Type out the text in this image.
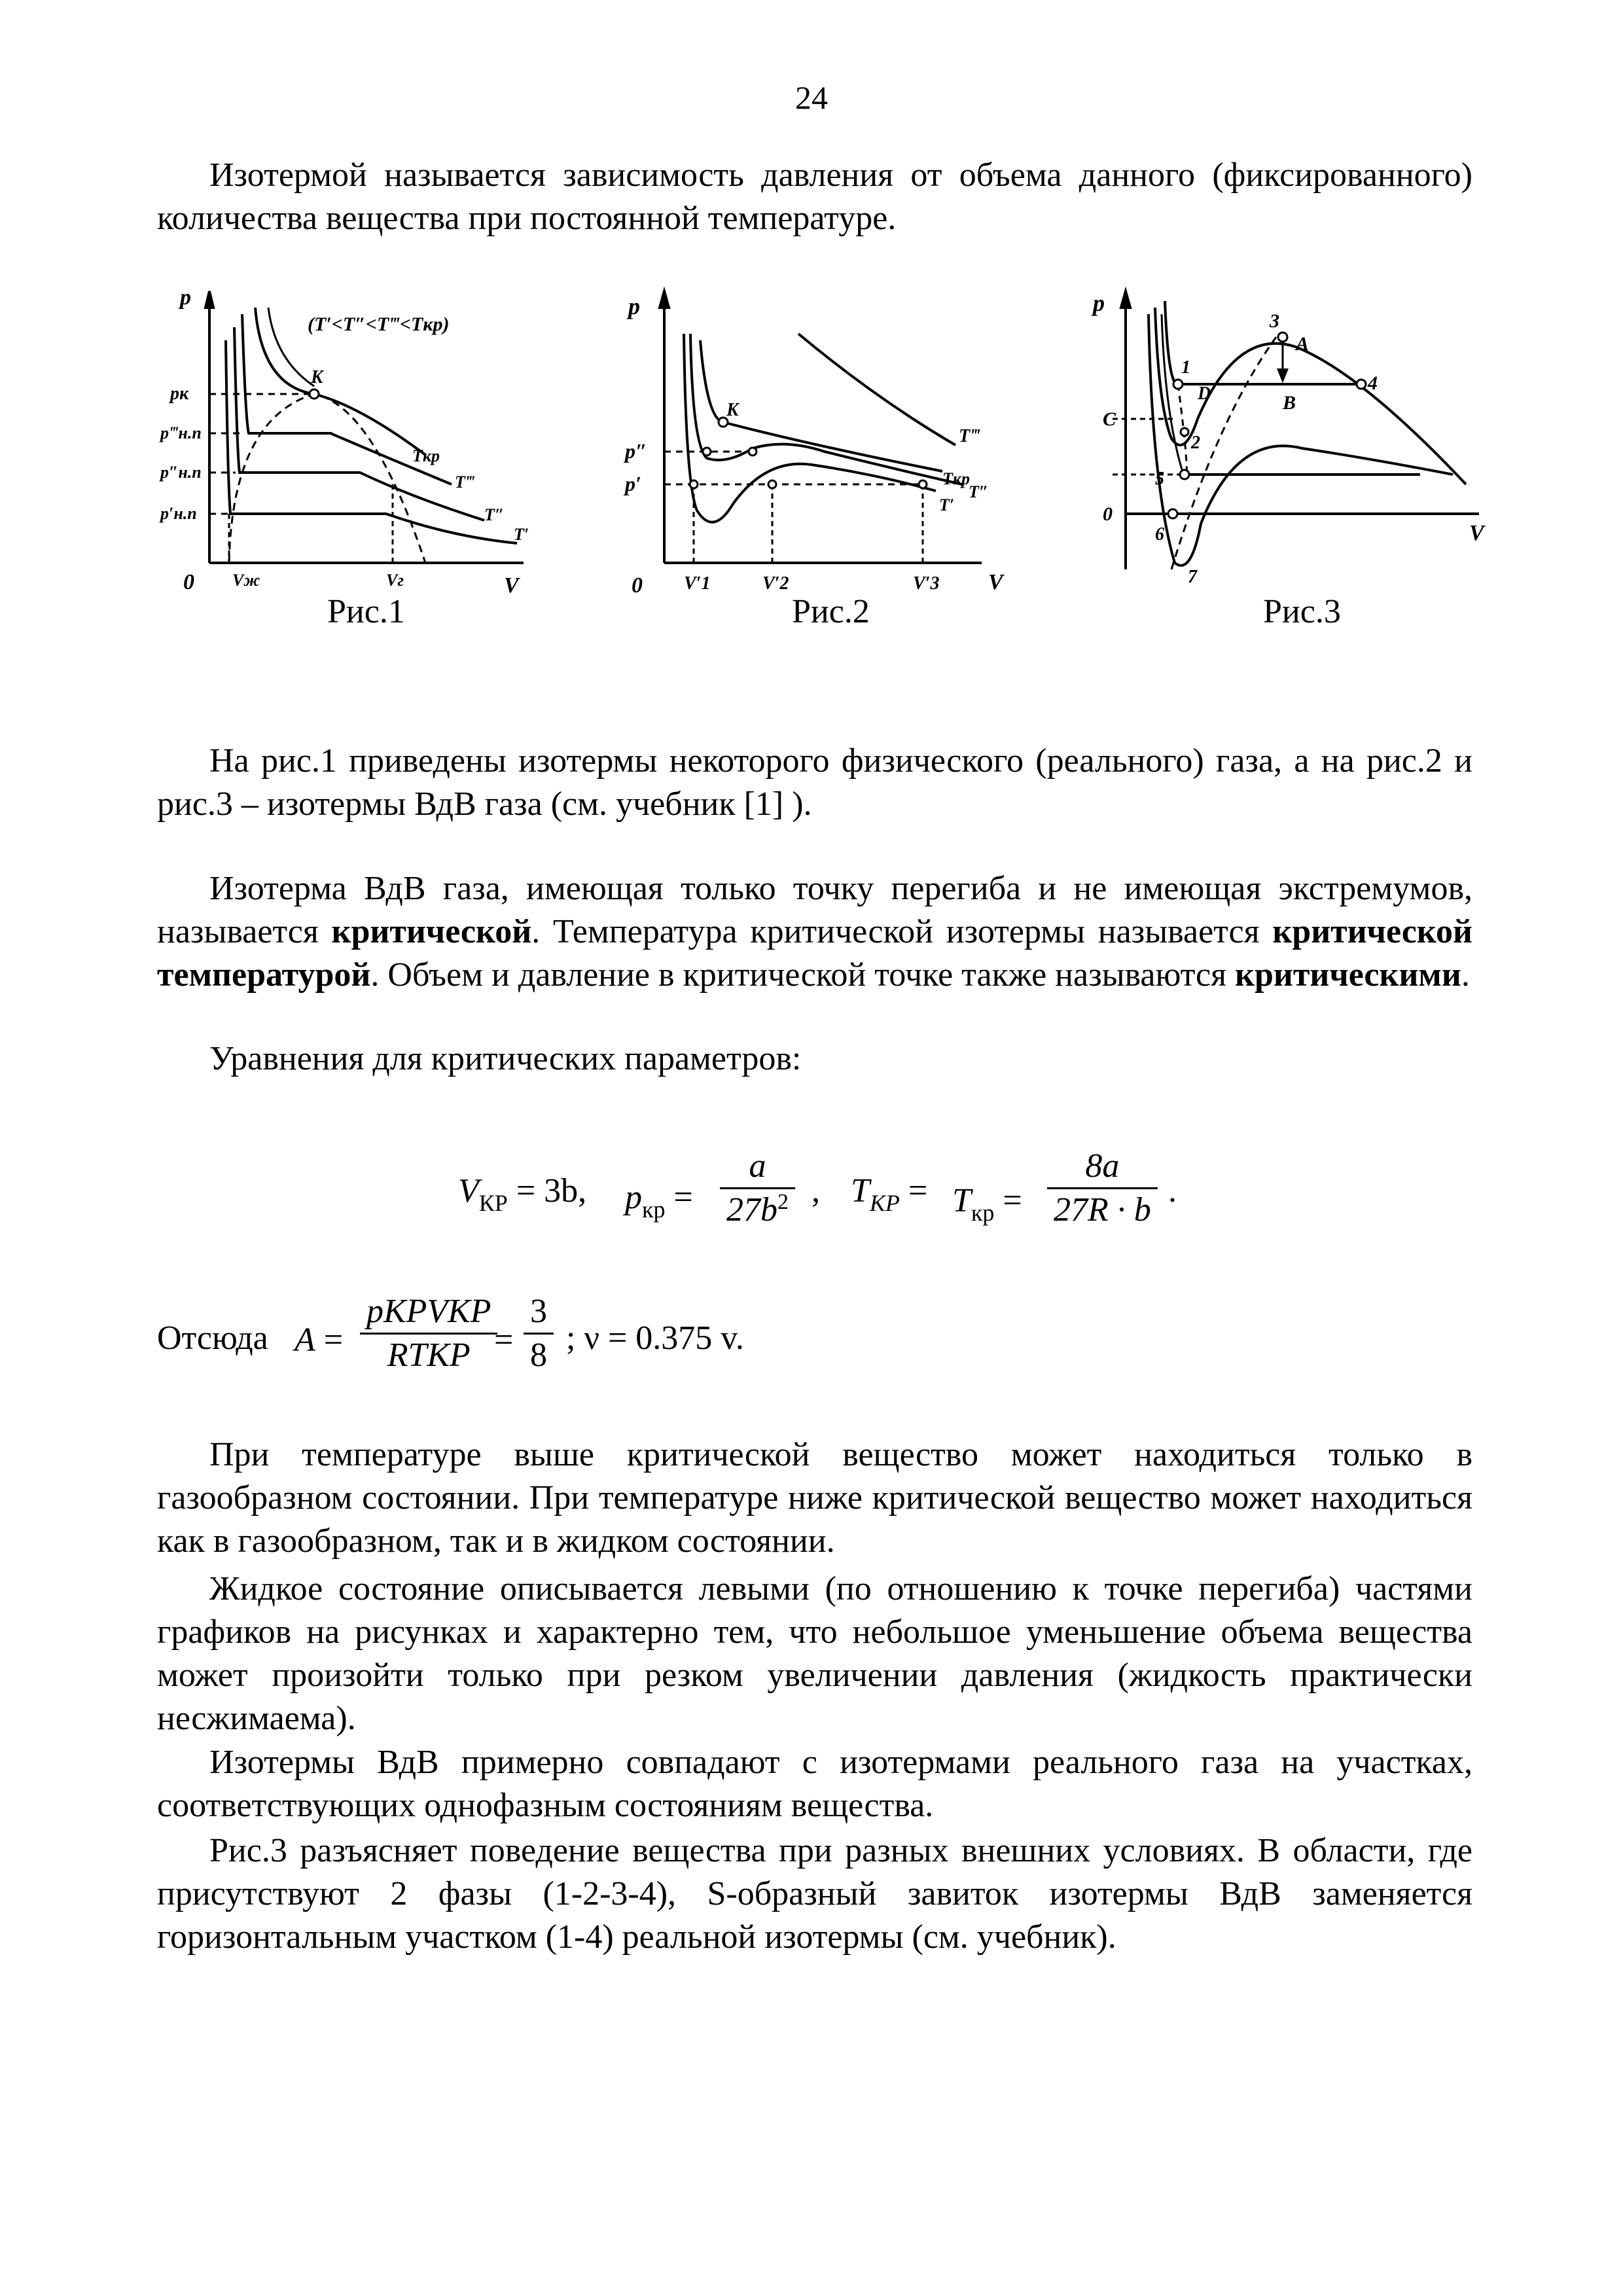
24

Изотермой называется зависимость давления от объема данного (фиксированного) количества вещества при постоянной температуре.

p
V
0
(T′<T″<T‴<Tкр)
pк
p‴н.п
p″н.п
p′н.п
K
Tкр
T‴
T″
T′
Vж	Vг
Рис.1
p
V
0
p″
p′
K
T‴
Tкр
T″
T′
V′1	V′2	V′3
Рис.2
p
V
1
D
3
A
B
4
C
2
5
6
7
0
Рис.3

На рис.1 приведены изотермы некоторого физического (реального) газа, а на рис.2 и рис.3 – изотермы ВдВ газа (см. учебник [1] ).

Изотерма ВдВ газа, имеющая только точку перегиба и не имеющая экстремумов, называется критической. Температура критической изотермы называется критической температурой. Объем и давление в критической точке также называются критическими.

Уравнения для критических параметров:

$V_{КР} = 3b$, $p_{кр} = \frac{a}{27b^2}$ , $T_{KP} = T_{кр} = \frac{8a}{27R \cdot b}$ .
Отсюда A =
pКРVКР
RTКР = $\frac{3}{8}$ ; ν = 0.375 v.

При температуре выше критической вещество может находиться только в газообразном состоянии. При температуре ниже критической вещество может находиться как в газообразном, так и в жидком состоянии.

Жидкое состояние описывается левыми (по отношению к точке перегиба) частями графиков на рисунках и характерно тем, что небольшое уменьшение объема вещества может произойти только при резком увеличении давления (жидкость практически несжимаема).

Изотермы ВдВ примерно совпадают с изотермами реального газа на участках, соответствующих однофазным состояниям вещества.

Рис.3 разъясняет поведение вещества при разных внешних условиях. В области, где присутствуют 2 фазы (1-2-3-4), S-образный завиток изотермы ВдВ заменяется горизонтальным участком (1-4) реальной изотермы (см. учебник).
